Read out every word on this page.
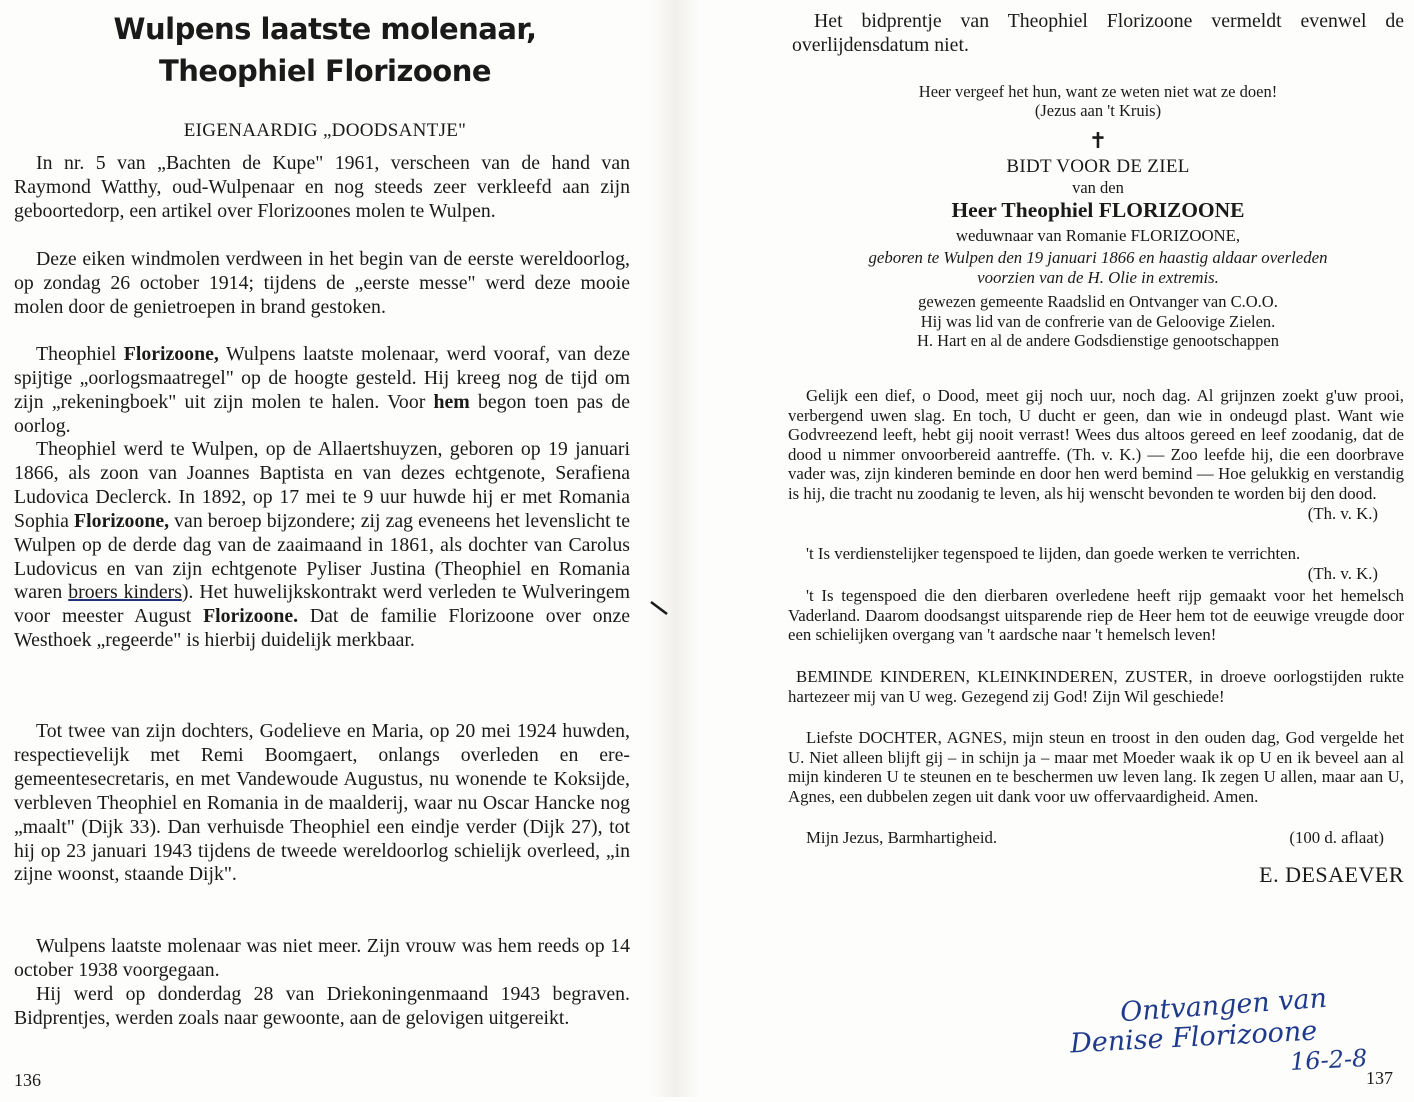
Wulpens laatste molenaar,
Theophiel Florizoone
EIGENAARDIG „DOODSANTJE"
In nr. 5 van „Bachten de Kupe" 1961, verscheen van de hand van Raymond Watthy, oud-Wulpenaar en nog steeds zeer verkleefd aan zijn geboortedorp, een artikel over Florizoones molen te Wulpen.
Deze eiken windmolen verdween in het begin van de eerste wereldoorlog, op zondag 26 october 1914; tijdens de „eerste messe" werd deze mooie molen door de genietroepen in brand gestoken.
Theophiel Florizoone, Wulpens laatste molenaar, werd vooraf, van deze spijtige „oorlogsmaatregel" op de hoogte gesteld. Hij kreeg nog de tijd om zijn „rekeningboek" uit zijn molen te halen. Voor hem begon toen pas de oorlog.
Theophiel werd te Wulpen, op de Allaertshuyzen, geboren op 19 januari 1866, als zoon van Joannes Baptista en van dezes echtgenote, Serafiena Ludovica Declerck. In 1892, op 17 mei te 9 uur huwde hij er met Romania Sophia Florizoone, van beroep bijzondere; zij zag eveneens het levenslicht te Wulpen op de derde dag van de zaaimaand in 1861, als dochter van Carolus Ludovicus en van zijn echtgenote Pyliser Justina (Theophiel en Romania waren broers kinders). Het huwelijkskontrakt werd verleden te Wulveringem voor meester August Florizoone. Dat de familie Florizoone over onze Westhoek „regeerde" is hierbij duidelijk merkbaar.
Tot twee van zijn dochters, Godelieve en Maria, op 20 mei 1924 huwden, respectievelijk met Remi Boomgaert, onlangs overleden en ere-gemeentesecretaris, en met Vandewoude Augustus, nu wonende te Koksijde, verbleven Theophiel en Romania in de maalderij, waar nu Oscar Hancke nog „maalt" (Dijk 33). Dan verhuisde Theophiel een eindje verder (Dijk 27), tot hij op 23 januari 1943 tijdens de tweede wereldoorlog schielijk overleed, „in zijne woonst, staande Dijk".
Wulpens laatste molenaar was niet meer. Zijn vrouw was hem reeds op 14 october 1938 voorgegaan.
Hij werd op donderdag 28 van Driekoningenmaand 1943 begraven. Bidprentjes, werden zoals naar gewoonte, aan de gelovigen uitgereikt.
136
Het bidprentje van Theophiel Florizoone vermeldt evenwel de overlijdensdatum niet.
Heer vergeef het hun, want ze weten niet wat ze doen!
(Jezus aan 't Kruis)
✝
BIDT VOOR DE ZIEL
van den
Heer Theophiel FLORIZOONE
weduwnaar van Romanie FLORIZOONE,
geboren te Wulpen den 19 januari 1866 en haastig aldaar overleden
voorzien van de H. Olie in extremis.
gewezen gemeente Raadslid en Ontvanger van C.O.O.
Hij was lid van de confrerie van de Geloovige Zielen.
H. Hart en al de andere Godsdienstige genootschappen
Gelijk een dief, o Dood, meet gij noch uur, noch dag. Al grijnzen zoekt g'uw prooi, verbergend uwen slag. En toch, U ducht er geen, dan wie in ondeugd plast. Want wie Godvreezend leeft, hebt gij nooit verrast! Wees dus altoos gereed en leef zoodanig, dat de dood u nimmer onvoorbereid aantreffe. (Th. v. K.) — Zoo leefde hij, die een doorbrave vader was, zijn kinderen beminde en door hen werd bemind — Hoe gelukkig en verstandig is hij, die tracht nu zoodanig te leven, als hij wenscht bevonden te worden bij den dood.
(Th. v. K.)
't Is verdienstelijker tegenspoed te lijden, dan goede werken te verrichten.
(Th. v. K.)
't Is tegenspoed die den dierbaren overledene heeft rijp gemaakt voor het hemelsch Vaderland. Daarom doodsangst uitsparende riep de Heer hem tot de eeuwige vreugde door een schielijken overgang van 't aardsche naar 't hemelsch leven!
BEMINDE KINDEREN, KLEINKINDEREN, ZUSTER, in droeve oorlogstijden rukte hartezeer mij van U weg. Gezegend zij God! Zijn Wil geschiede!
Liefste DOCHTER, AGNES, mijn steun en troost in den ouden dag, God vergelde het U. Niet alleen blijft gij – in schijn ja – maar met Moeder waak ik op U en ik beveel aan al mijn kinderen U te steunen en te beschermen uw leven lang. Ik zegen U allen, maar aan U, Agnes, een dubbelen zegen uit dank voor uw offervaardigheid. Amen.
Mijn Jezus, Barmhartigheid.	(100 d. aflaat)
E. DESAEVER
Ontvangen van
Denise Florizoone
16-2-8
137
